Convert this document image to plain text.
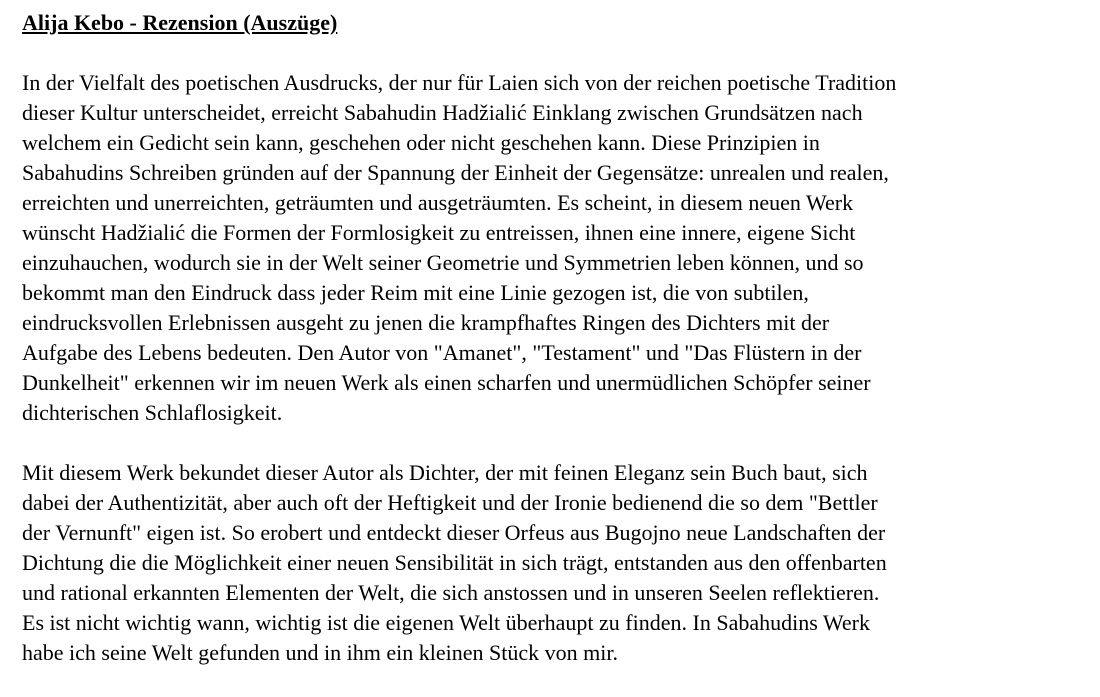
Alija Kebo - Rezension (Auszüge)

In der Vielfalt des poetischen Ausdrucks, der nur für Laien sich von der reichen poetische Tradition
dieser Kultur unterscheidet, erreicht Sabahudin Hadžialić Einklang zwischen Grundsätzen nach
welchem ein Gedicht sein kann, geschehen oder nicht geschehen kann. Diese Prinzipien in
Sabahudins Schreiben gründen auf der Spannung der Einheit der Gegensätze: unrealen und realen,
erreichten und unerreichten, geträumten und ausgeträumten. Es scheint, in diesem neuen Werk
wünscht Hadžialić die Formen der Formlosigkeit zu entreissen, ihnen eine innere, eigene Sicht
einzuhauchen, wodurch sie in der Welt seiner Geometrie und Symmetrien leben können, und so
bekommt man den Eindruck dass jeder Reim mit eine Linie gezogen ist, die von subtilen,
eindrucksvollen Erlebnissen ausgeht zu jenen die krampfhaftes Ringen des Dichters mit der
Aufgabe des Lebens bedeuten. Den Autor von "Amanet", "Testament" und "Das Flüstern in der
Dunkelheit" erkennen wir im neuen Werk als einen scharfen und unermüdlichen Schöpfer seiner
dichterischen Schlaflosigkeit.

Mit diesem Werk bekundet dieser Autor als Dichter, der mit feinen Eleganz sein Buch baut, sich
dabei der Authentizität, aber auch oft der Heftigkeit und der Ironie bedienend die so dem "Bettler
der Vernunft" eigen ist. So erobert und entdeckt dieser Orfeus aus Bugojno neue Landschaften der
Dichtung die die Möglichkeit einer neuen Sensibilität in sich trägt, entstanden aus den offenbarten
und rational erkannten Elementen der Welt, die sich anstossen und in unseren Seelen reflektieren.
Es ist nicht wichtig wann, wichtig ist die eigenen Welt überhaupt zu finden. In Sabahudins Werk
habe ich seine Welt gefunden und in ihm ein kleinen Stück von mir.
